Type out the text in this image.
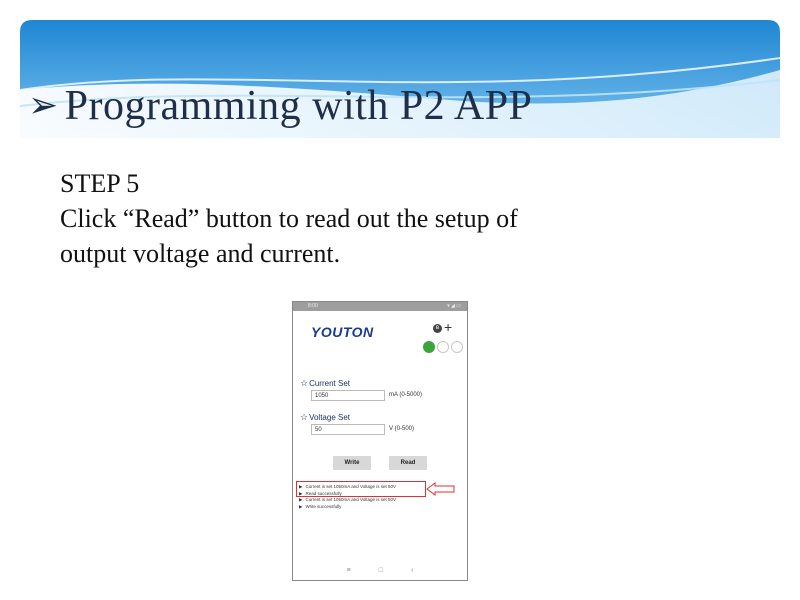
➢ Programming with P2 APP

STEP 5

Click “Read” button to read out the setup of

output voltage and current.

8:00	▾ ◢ ▭
YOUTON	ʙ +
☆Current Set
1050	mA (0-5000)
☆Voltage Set
50	V (0-500)
Write	Read
▶ Current is set 1050mA and Voltage is set 50V
▶ Read successfully
▶ Current is set 1050mA and Voltage is set 50V
▶ Write successfully
≡	□	‹
